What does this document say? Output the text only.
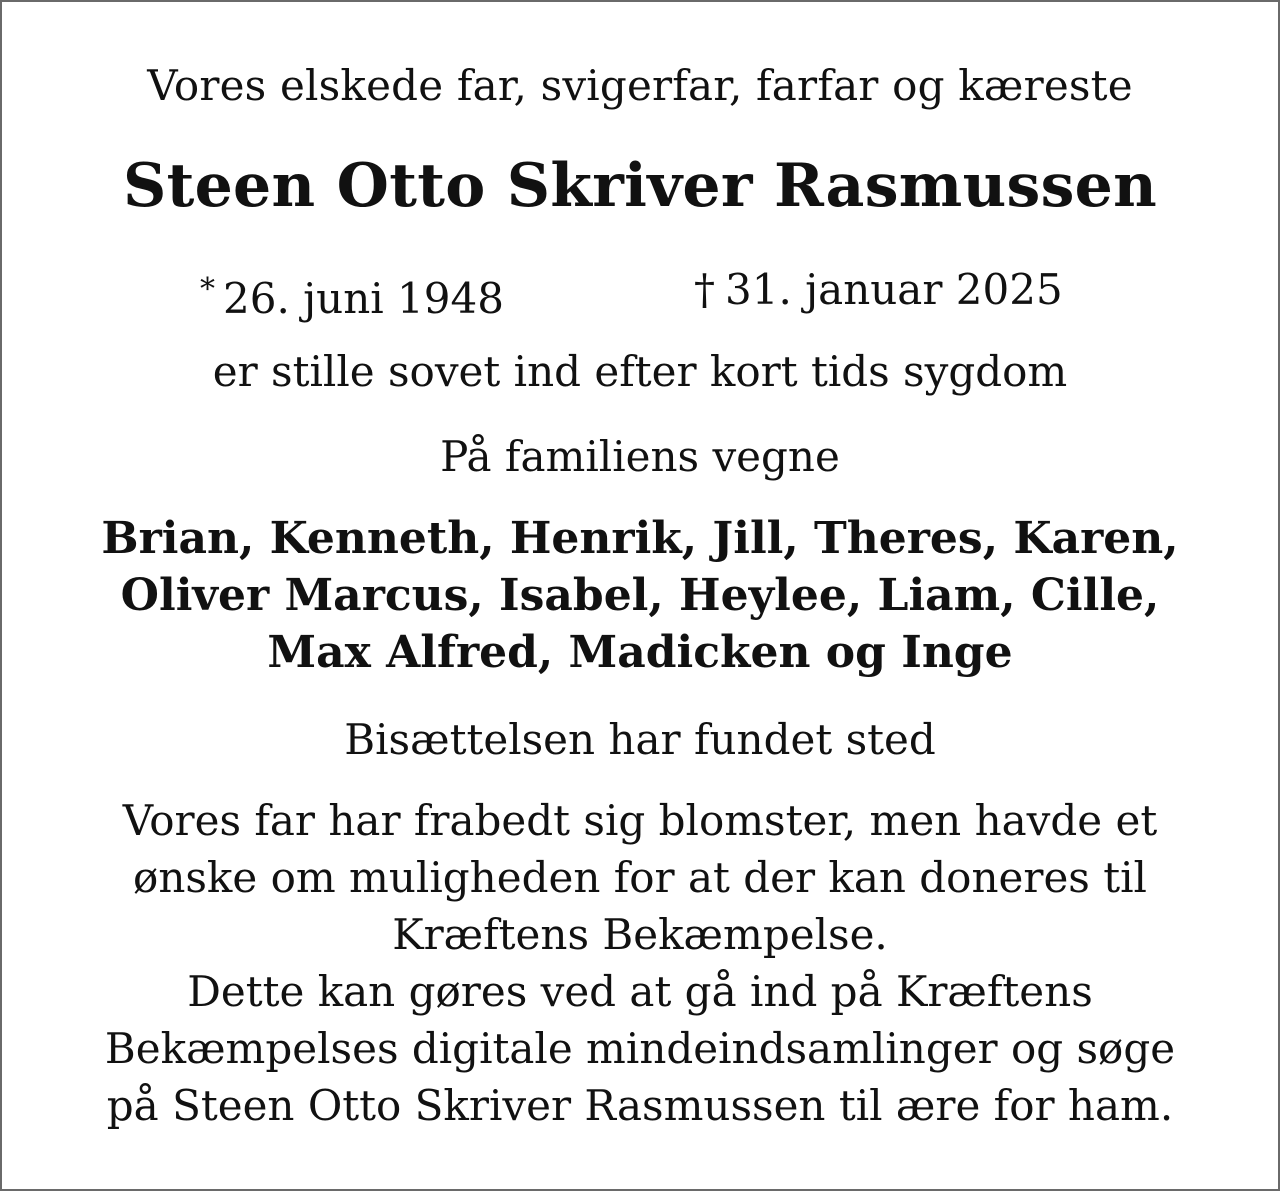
Vores elskede far, svigerfar, farfar og kæreste

Steen Otto Skriver Rasmussen
* 26. juni 1948	† 31. januar 2025

er stille sovet ind efter kort tids sygdom

På familiens vegne

Brian, Kenneth, Henrik, Jill, Theres, Karen,
Oliver Marcus, Isabel, Heylee, Liam, Cille,
Max Alfred, Madicken og Inge

Bisættelsen har fundet sted

Vores far har frabedt sig blomster, men havde et
ønske om muligheden for at der kan doneres til
Kræftens Bekæmpelse.
Dette kan gøres ved at gå ind på Kræftens
Bekæmpelses digitale mindeindsamlinger og søge
på Steen Otto Skriver Rasmussen til ære for ham.
